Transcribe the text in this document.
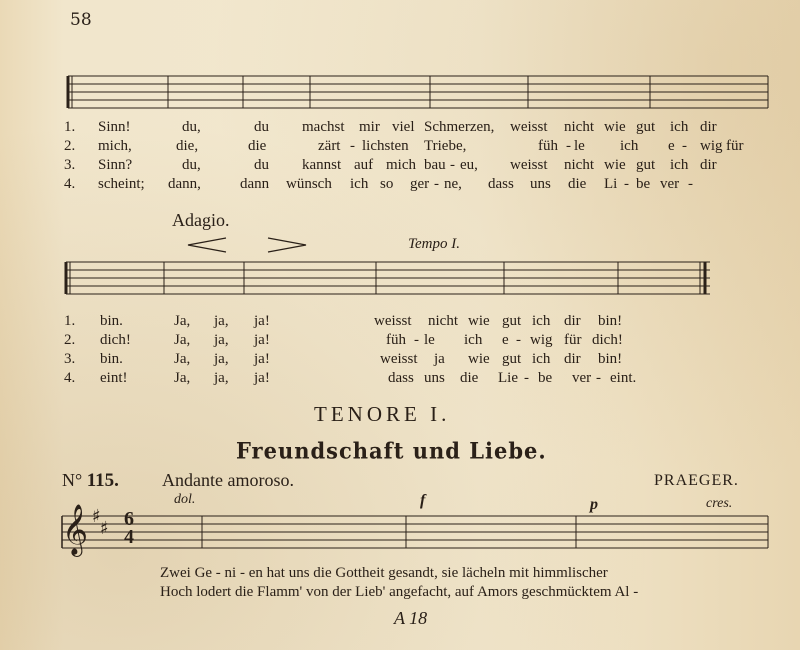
58
1. Sinn!	du,	du machst mir viel Schmerzen, weisst nicht wie gut ich dir
2. mich,	die,	die	zärt - lichsten Triebe,	füh - le ich e - wig für
3. Sinn?	du,	du kannst auf mich bau - eu, weisst nicht wie gut ich dir
4. scheint; dann,	dann wünsch ich so ger - ne, dass uns die Li - be ver -
Adagio.
Tempo I.
1. bin.	Ja, ja, ja!	weisst nicht wie gut ich dir bin!
2. dich!	Ja, ja, ja!	füh - le ich e - wig für dich!
3. bin.	Ja, ja, ja!	weisst ja wie gut ich dir bin!
4. eint!	Ja, ja, ja!	dass uns die Lie - be ver - eint.
TENORE I.
Freundschaft und Liebe.
N° 115. Andante amoroso.	PRAEGER.
dol.	f	p	cres.
𝄞 ♯
♯ 6
4
Zwei Ge - ni - en hat uns die Gottheit gesandt, sie lächeln mit himmlischer
Hoch lodert die Flamm' von der Lieb' angefacht, auf Amors geschmücktem Al -
A 18
